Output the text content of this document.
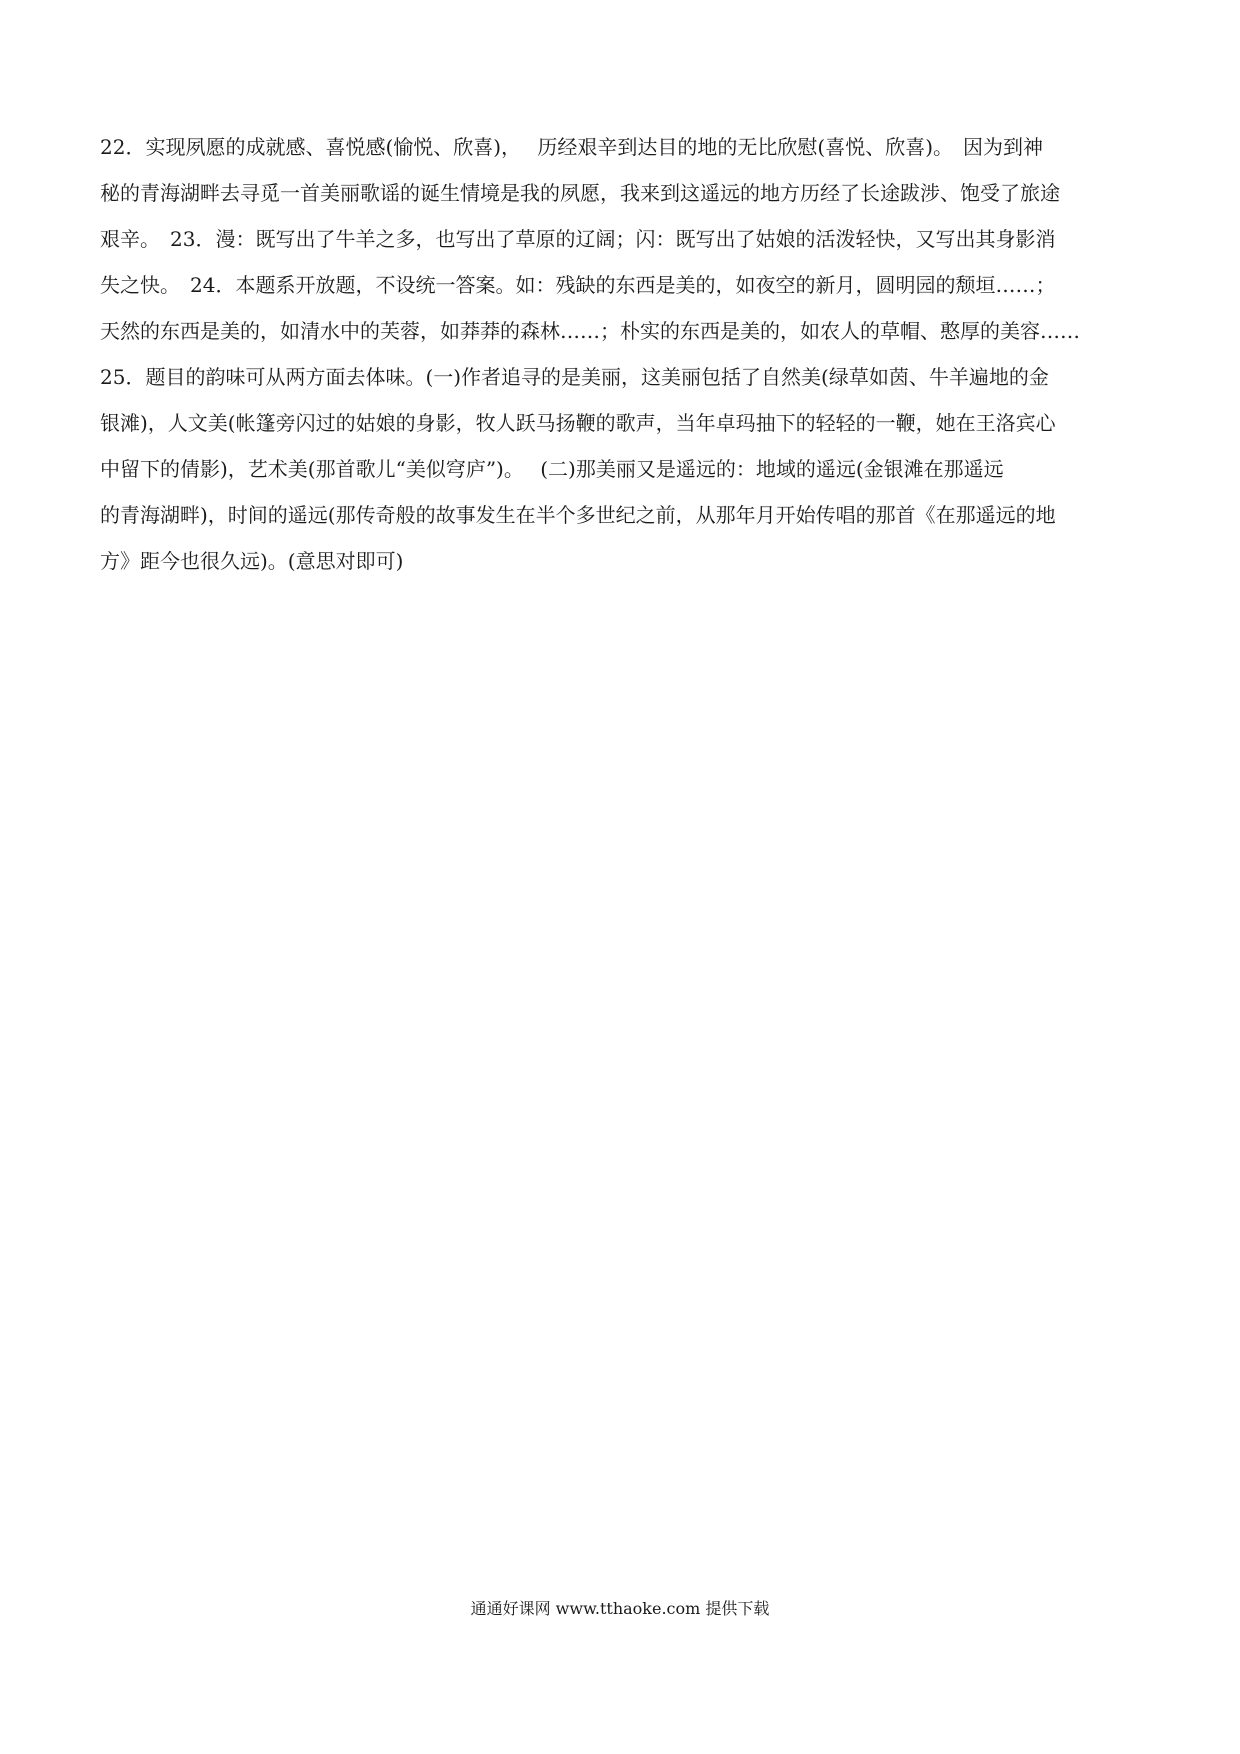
22．实现夙愿的成就感、喜悦感(愉悦、欣喜)，　 历经艰辛到达目的地的无比欣慰(喜悦、欣喜)。　因为到神
秘的青海湖畔去寻觅一首美丽歌谣的诞生情境是我的夙愿，我来到这遥远的地方历经了长途跋涉、饱受了旅途
艰辛。　23．漫：既写出了牛羊之多，也写出了草原的辽阔；闪：既写出了姑娘的活泼轻快，又写出其身影消
失之快。　24．本题系开放题，不设统一答案。如：残缺的东西是美的，如夜空的新月，圆明园的颓垣……；
天然的东西是美的，如清水中的芙蓉，如莽莽的森林……；朴实的东西是美的，如农人的草帽、憨厚的美容……
25．题目的韵味可从两方面去体味。(一)作者追寻的是美丽，这美丽包括了自然美(绿草如茵、牛羊遍地的金
银滩)，人文美(帐篷旁闪过的姑娘的身影，牧人跃马扬鞭的歌声，当年卓玛抽下的轻轻的一鞭，她在王洛宾心
中留下的倩影)，艺术美(那首歌儿“美似穹庐”)。　 (二)那美丽又是遥远的：地域的遥远(金银滩在那遥远
的青海湖畔)，时间的遥远(那传奇般的故事发生在半个多世纪之前，从那年月开始传唱的那首《在那遥远的地
方》距今也很久远)。(意思对即可)
通通好课网 www.tthaoke.com 提供下载
